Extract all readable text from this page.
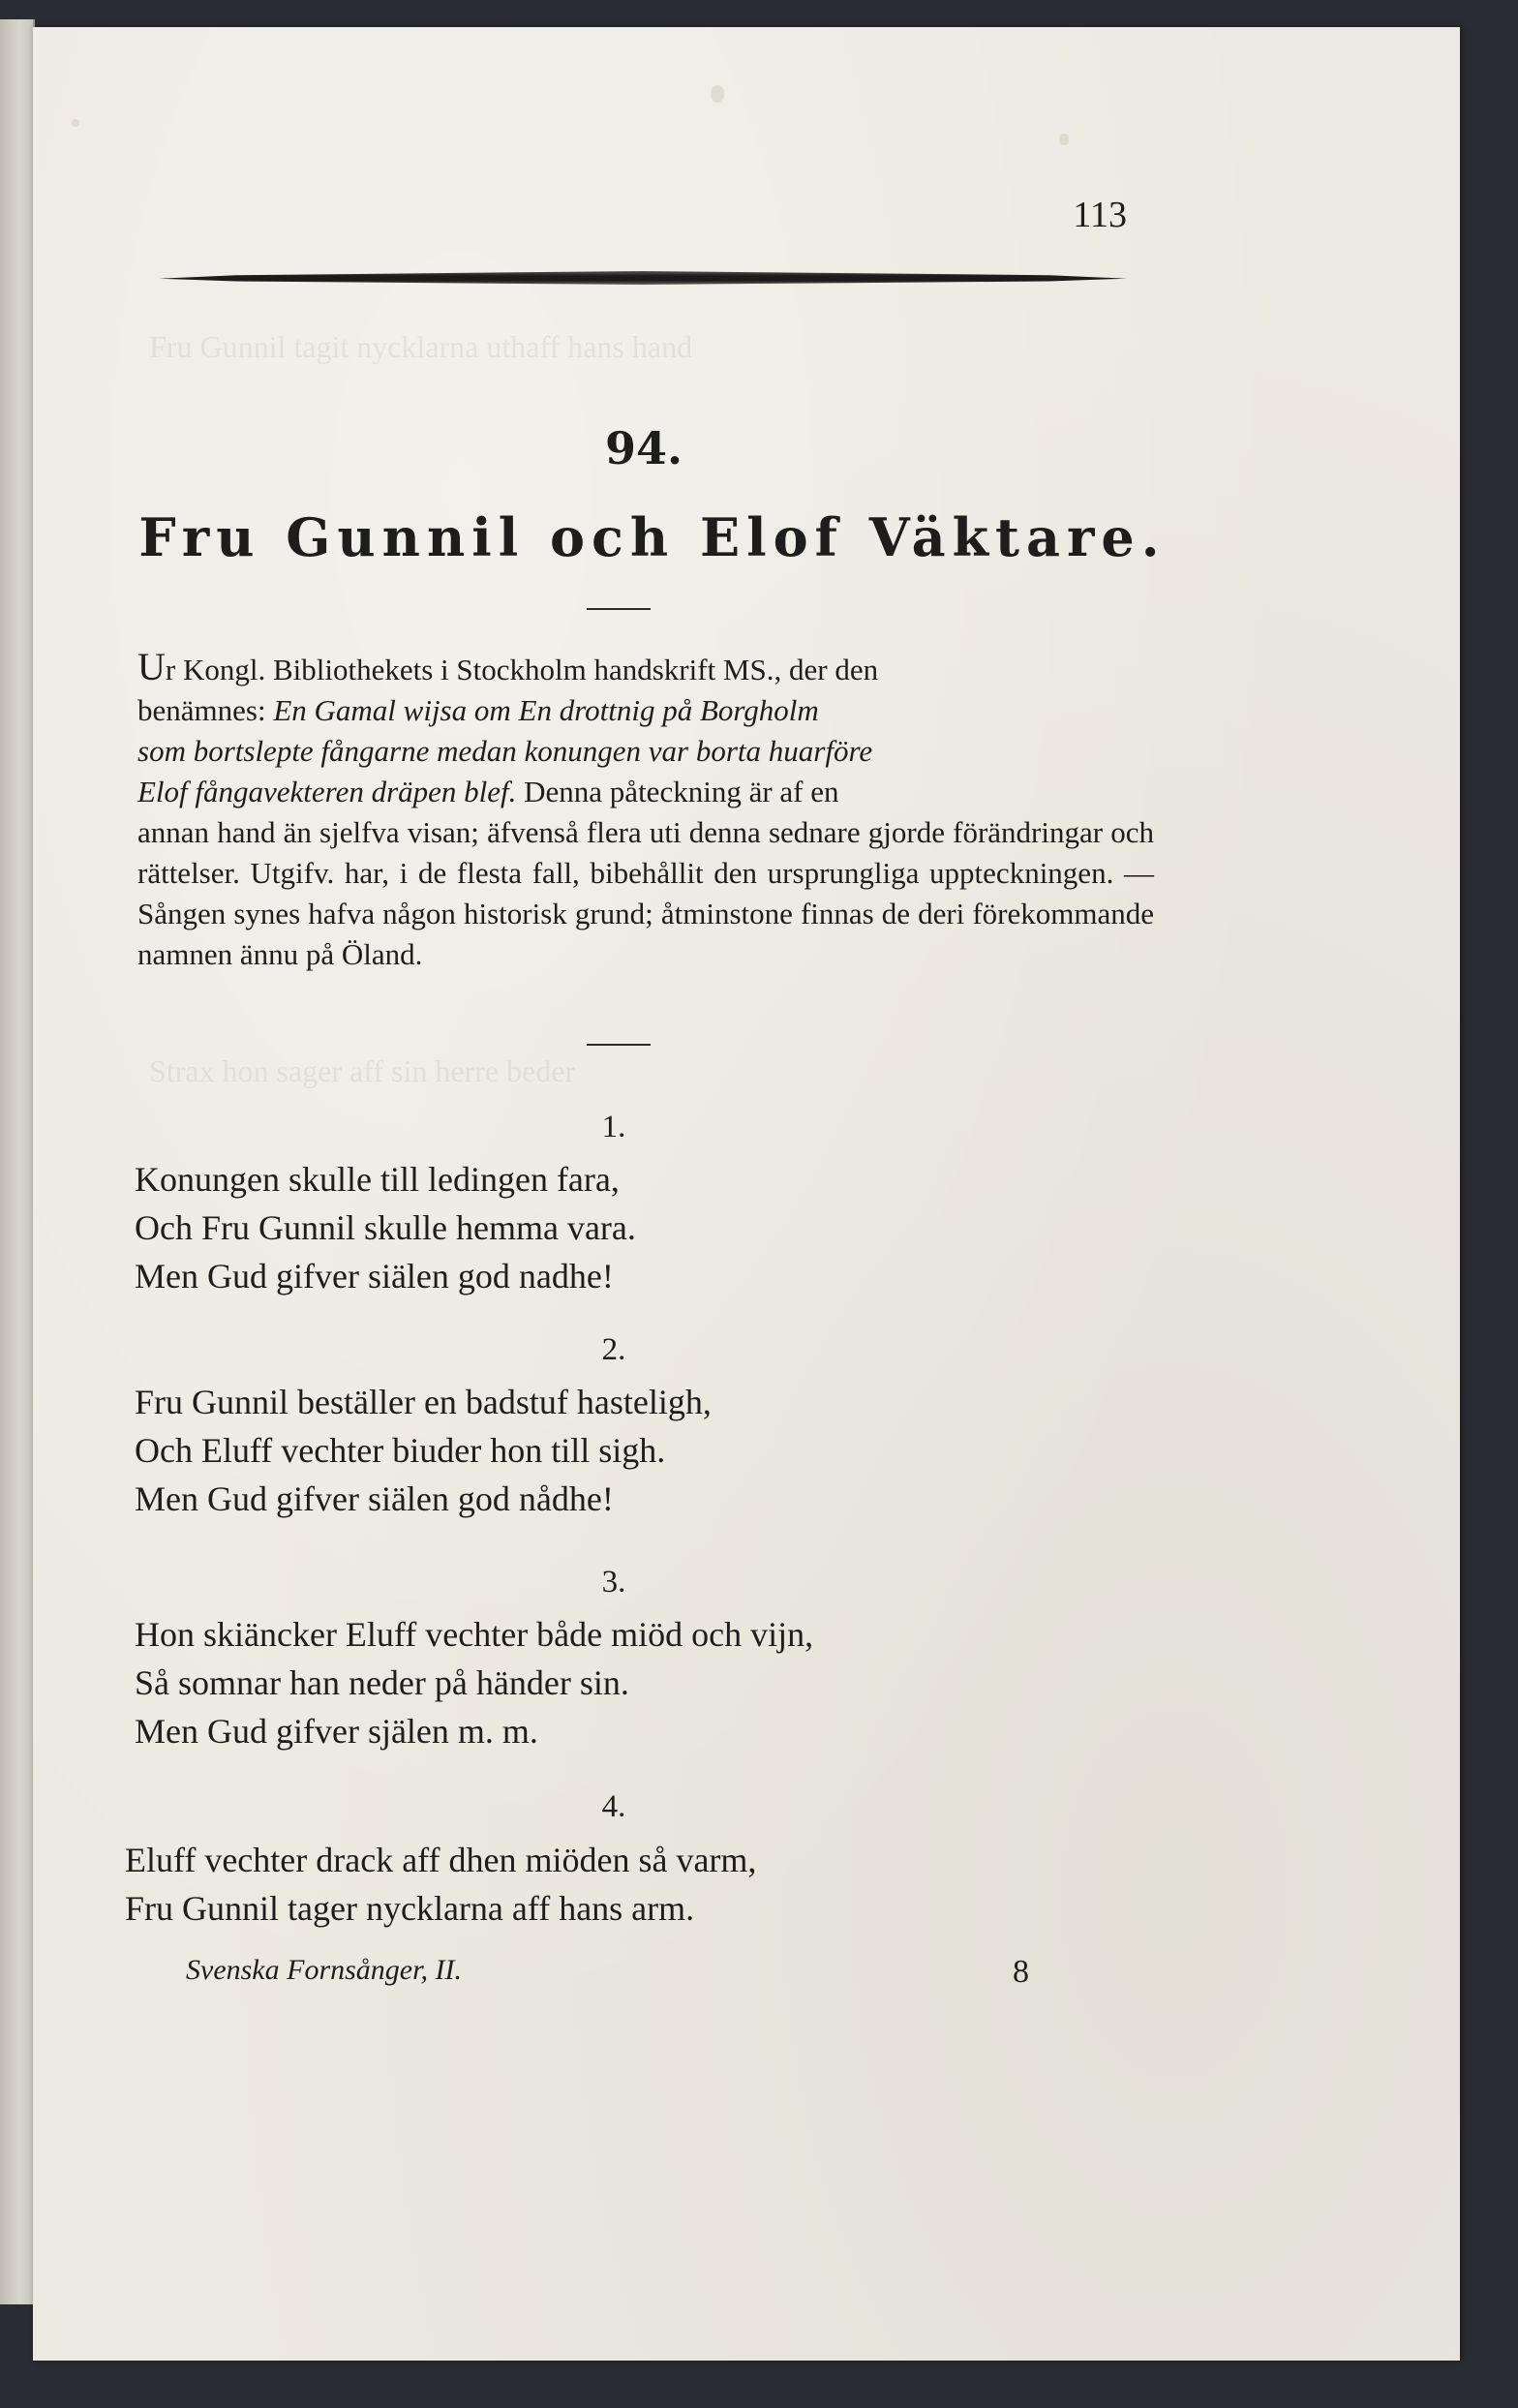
Fru Gunnil tagit nycklarna uthaff hans hand
Strax hon sager aff sin herre beder
113
94.
Fru Gunnil och Elof Väktare.
Ur Kongl. Bibliothekets i Stockholm handskrift MS., der den
benämnes: En Gamal wijsa om En drottnig på Borgholm
som bortslepte fångarne medan konungen var borta huarföre
Elof fångavekteren dräpen blef. Denna påteckning är af en
annan hand än sjelfva visan; äfvenså flera uti denna sednare gjorde förändringar och rättelser. Utgifv. har, i de flesta fall, bibehållit den ursprungliga uppteckningen. — Sången synes hafva någon historisk grund; åtminstone finnas de deri förekommande namnen ännu på Öland.
1.
Konungen skulle till ledingen fara,
Och Fru Gunnil skulle hemma vara.
Men Gud gifver siälen god nadhe!
2.
Fru Gunnil beställer en badstuf hasteligh,
Och Eluff vechter biuder hon till sigh.
Men Gud gifver siälen god nådhe!
3.
Hon skiäncker Eluff vechter både miöd och vijn,
Så somnar han neder på händer sin.
Men Gud gifver själen m. m.
4.
Eluff vechter drack aff dhen miöden så varm,
Fru Gunnil tager nycklarna aff hans arm.
Svenska Fornsånger, II.	8
